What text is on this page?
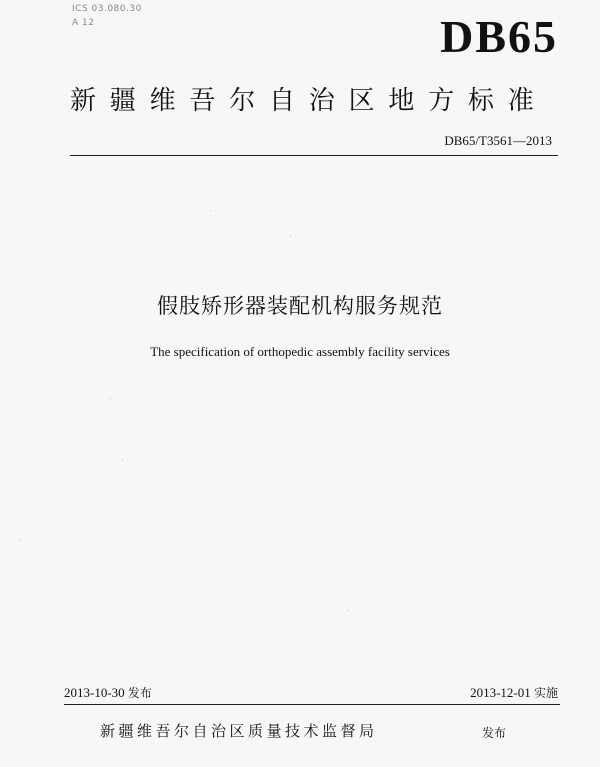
ICS 03.080.30
A 12	DB65
新疆维吾尔自治区地方标准
DB65/T3561—2013
假肢矫形器装配机构服务规范
The specification of orthopedic assembly facility services
2013-10-30 发布	2013-12-01 实施
新疆维吾尔自治区质量技术监督局	发布
